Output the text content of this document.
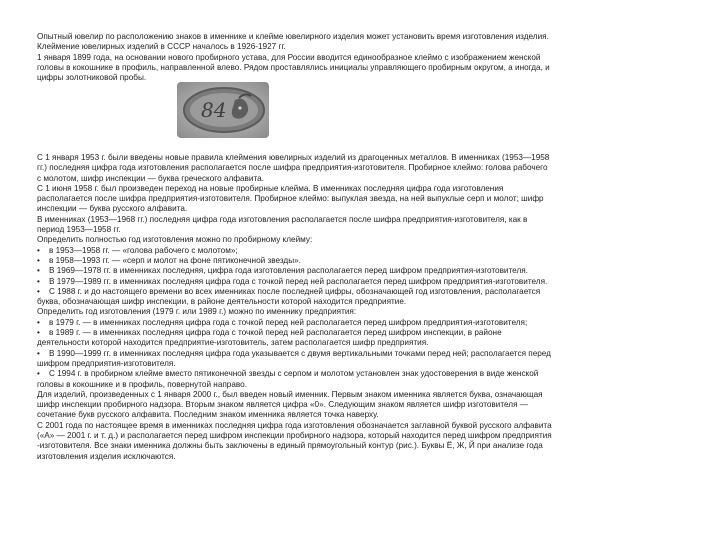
Опытный ювелир по расположению знаков в именнике и клейме ювелирного изделия может установить время изготовления изделия.
Клеймение ювелирных изделий в СССР началось в 1926-1927 гг.
1 января 1899 года, на основании нового пробирного устава, для России вводится единообразное клеймо с изображением женской
головы в кокошнике в профиль, направленной влево. Рядом проставлялись инициалы управляющего пробирным округом, а иногда, и
цифры золотниковой пробы.
84
С 1 января 1953 г. были введены новые правила клеймения ювелирных изделий из драгоценных металлов. В именниках (1953—1958
гг.) последняя цифра года изготовления располагается после шифра предприятия-изготовителя. Пробирное клеймо: голова рабочего
с молотом, шифр инспекции — буква греческого алфавита.
С 1 июня 1958 г. был произведен переход на новые пробирные клейма. В именниках последняя цифра года изготовления
располагается после шифра предприятия-изготовителя. Пробирное клеймо: выпуклая звезда, на ней выпуклые серп и молот; шифр
инспекции — буква русского алфавита.
В именниках (1953—1968 гг.) последняя цифра года изготовления располагается после шифра предприятия-изготовителя, как в
период 1953—1958 гг.
Определить полностью год изготовления можно по пробирному клейму:
• в 1953—1958 гг. — «голова рабочего с молотом»;
• в 1958—1993 гг. — «серп и молот на фоне пятиконечной звезды».
• В 1969—1978 гг. в именниках последняя, цифра года изготовления располагается перед шифром предприятия-изготовителя.
• В 1979—1989 гг. в именниках последняя цифра года с точкой перед ней располагается перед шифром предприятия-изготовителя.
• С 1988 г. и до настоящего времени во всех именниках после последней цифры, обозначающей год изготовления, располагается
буква, обозначающая шифр инспекции, в районе деятельности которой находится предприятие.
Определить год изготовления (1979 г. или 1989 г.) можно по именнику предприятия:
• в 1979 г. — в именниках последняя цифра года с точкой перед ней располагается перед шифром предприятия-изготовителя;
• в 1989 г. — в именниках последняя цифра года с точкой перед ней располагается перед шифром инспекции, в районе
деятельности которой находится предприятие-изготовитель, затем располагается шифр предприятия.
• В 1990—1999 гг. в именниках последняя цифра года указывается с двумя вертикальными точками перед ней; располагается перед
шифром предприятия-изготовителя.
• С 1994 г. в пробирном клейме вместо пятиконечной звезды с серпом и молотом установлен знак удостоверения в виде женской
головы в кокошнике и в профиль, повернутой направо.
Для изделий, произведенных с 1 января 2000 г., был введен новый именник. Первым знаком именника является буква, означающая
шифр инспекции пробирного надзора. Вторым знаком является цифра «0». Следующим знаком является шифр изготовителя —
сочетание букв русского алфавита. Последним знаком именника является точка наверху.
С 2001 года по настоящее время в именниках последняя цифра года изготовления обозначается заглавной буквой русского алфавита
(«А» — 2001 г. и т. д.) и располагается перед шифром инспекции пробирного надзора, который находится перед шифром предприятия
-изготовителя. Все знаки именника должны быть заключены в единый прямоугольный контур (рис.). Буквы Ё, Ж, Й при анализе года
изготовления изделия исключаются.
